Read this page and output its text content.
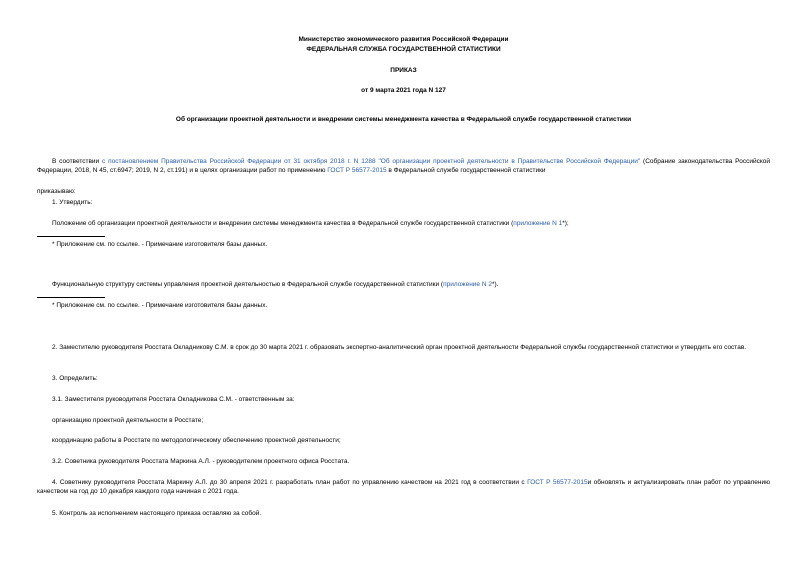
Министерство экономического развития Российской Федерации
ФЕДЕРАЛЬНАЯ СЛУЖБА ГОСУДАРСТВЕННОЙ СТАТИСТИКИ
ПРИКАЗ
от 9 марта 2021 года N 127
Об организации проектной деятельности и внедрении системы менеджмента качества в Федеральной службе государственной статистики
В соответствии с постановлением Правительства Российской Федерации от 31 октября 2018 г. N 1288 "Об организации проектной деятельности в Правительстве Российской Федерации" (Собрание законодательства Российской Федерации, 2018, N 45, ст.6947; 2019, N 2, ст.191) и в целях организации работ по применению ГОСТ Р 56577-2015 в Федеральной службе государственной статистики
приказываю:
1. Утвердить:
Положение об организации проектной деятельности и внедрении системы менеджмента качества в Федеральной службе государственной статистики (приложение N 1*);
* Приложение см. по ссылке. - Примечание изготовителя базы данных.
Функциональную структуру системы управления проектной деятельностью в Федеральной службе государственной статистики (приложение N 2*).
* Приложение см. по ссылке. - Примечание изготовителя базы данных.
2. Заместителю руководителя Росстата Окладникову С.М. в срок до 30 марта 2021 г. образовать экспертно-аналитический орган проектной деятельности Федеральной службы государственной статистики и утвердить его состав.
3. Определить:
3.1. Заместителя руководителя Росстата Окладникова С.М. - ответственным за:
организацию проектной деятельности в Росстате;
координацию работы в Росстате по методологическому обеспечению проектной деятельности;
3.2. Советника руководителя Росстата Маркина А.Л. - руководителем проектного офиса Росстата.
4. Советнику руководителя Росстата Маркину А.Л. до 30 апреля 2021 г. разработать план работ по управлению качеством на 2021 год в соответствии с ГОСТ Р 56577-2015и обновлять и актуализировать план работ по управлению качеством на год до 10 декабря каждого года начиная с 2021 года.
5. Контроль за исполнением настоящего приказа оставляю за собой.
